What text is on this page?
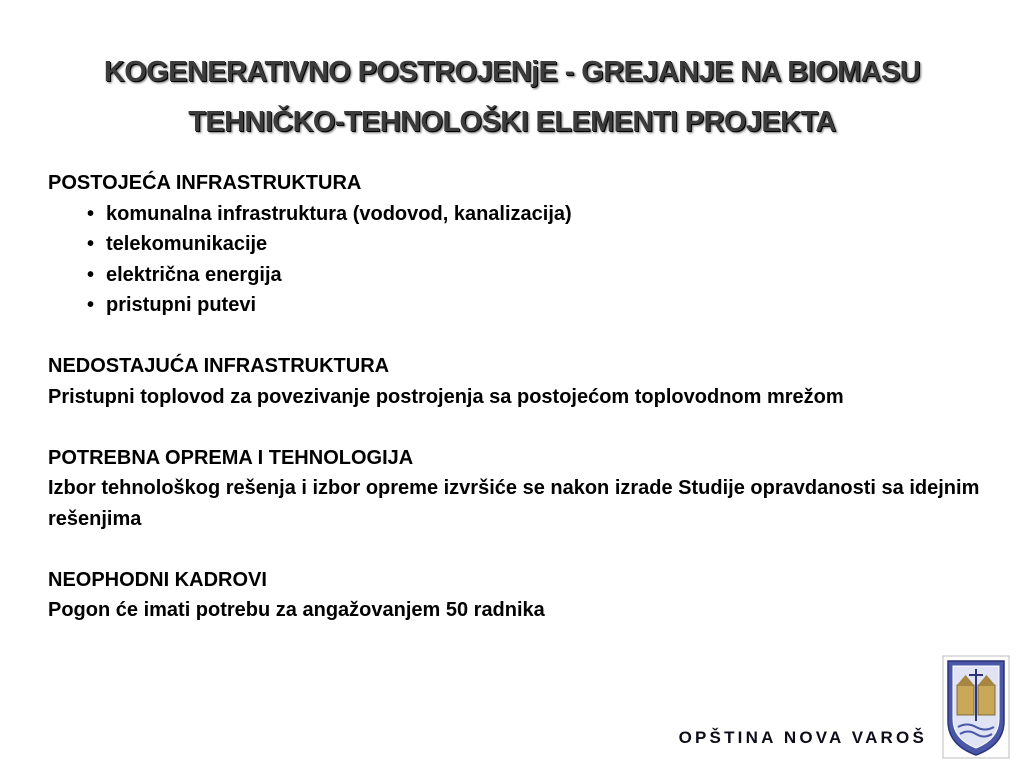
KOGENERATIVNO POSTROJENjE - GREJANJE NA BIOMASU
TEHNIČKO-TEHNOLOŠKI ELEMENTI PROJEKTA
POSTOJEĆA INFRASTRUKTURA
• komunalna infrastruktura (vodovod, kanalizacija)
• telekomunikacije
• električna energija
• pristupni putevi
NEDOSTAJUĆA INFRASTRUKTURA
Pristupni toplovod za povezivanje postrojenja sa postojećom toplovodnom mrežom
POTREBNA OPREMA I TEHNOLOGIJA
Izbor tehnološkog rešenja i izbor opreme izvršiće se nakon izrade Studije opravdanosti sa idejnim rešenjima
NEOPHODNI KADROVI
Pogon će imati potrebu za angažovanjem 50 radnika
OPŠTINA NOVA VAROŠ
